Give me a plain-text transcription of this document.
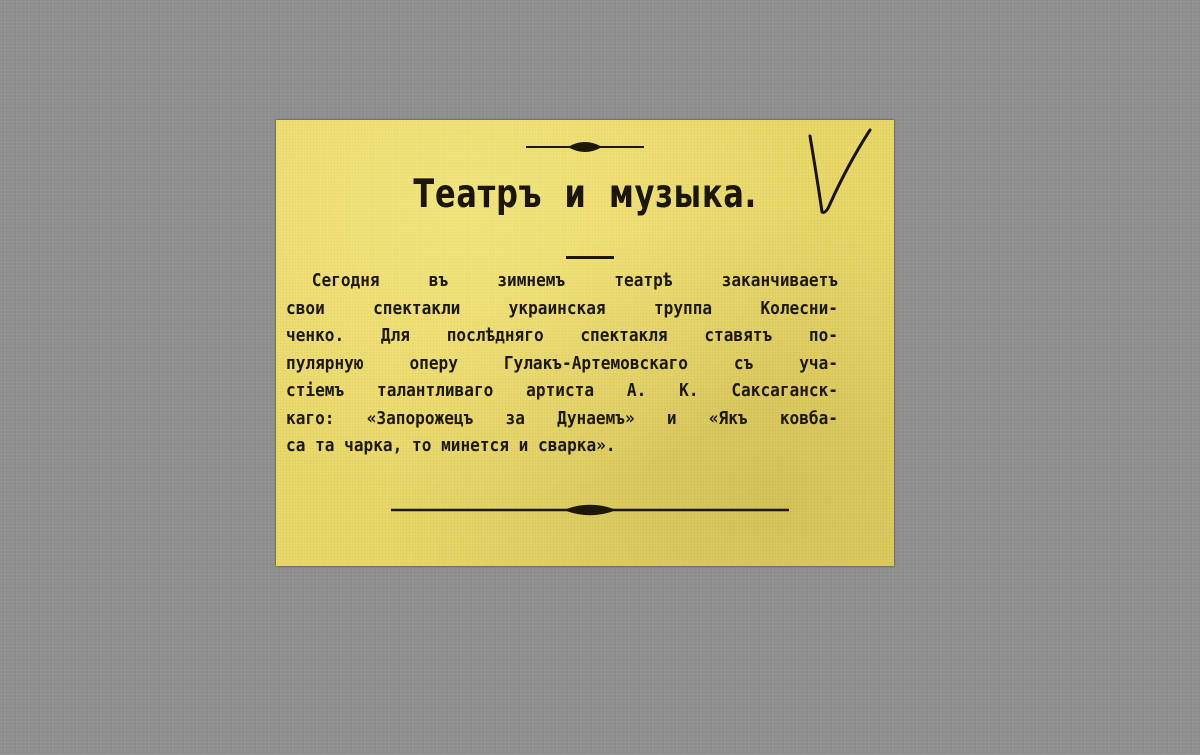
Театръ и музыка.
Сегодня въ зимнемъ театрѣ заканчиваетъ
свои спектакли украинская труппа Колесни-
ченко. Для послѣдняго спектакля ставятъ по-
пулярную оперу Гулакъ-Артемовскаго съ уча-
стiемъ талантливаго артиста А. К. Саксаганск-
каго: «Запорожецъ за Дунаемъ» и «Якъ ковба-
са та чарка, то минется и сварка».
